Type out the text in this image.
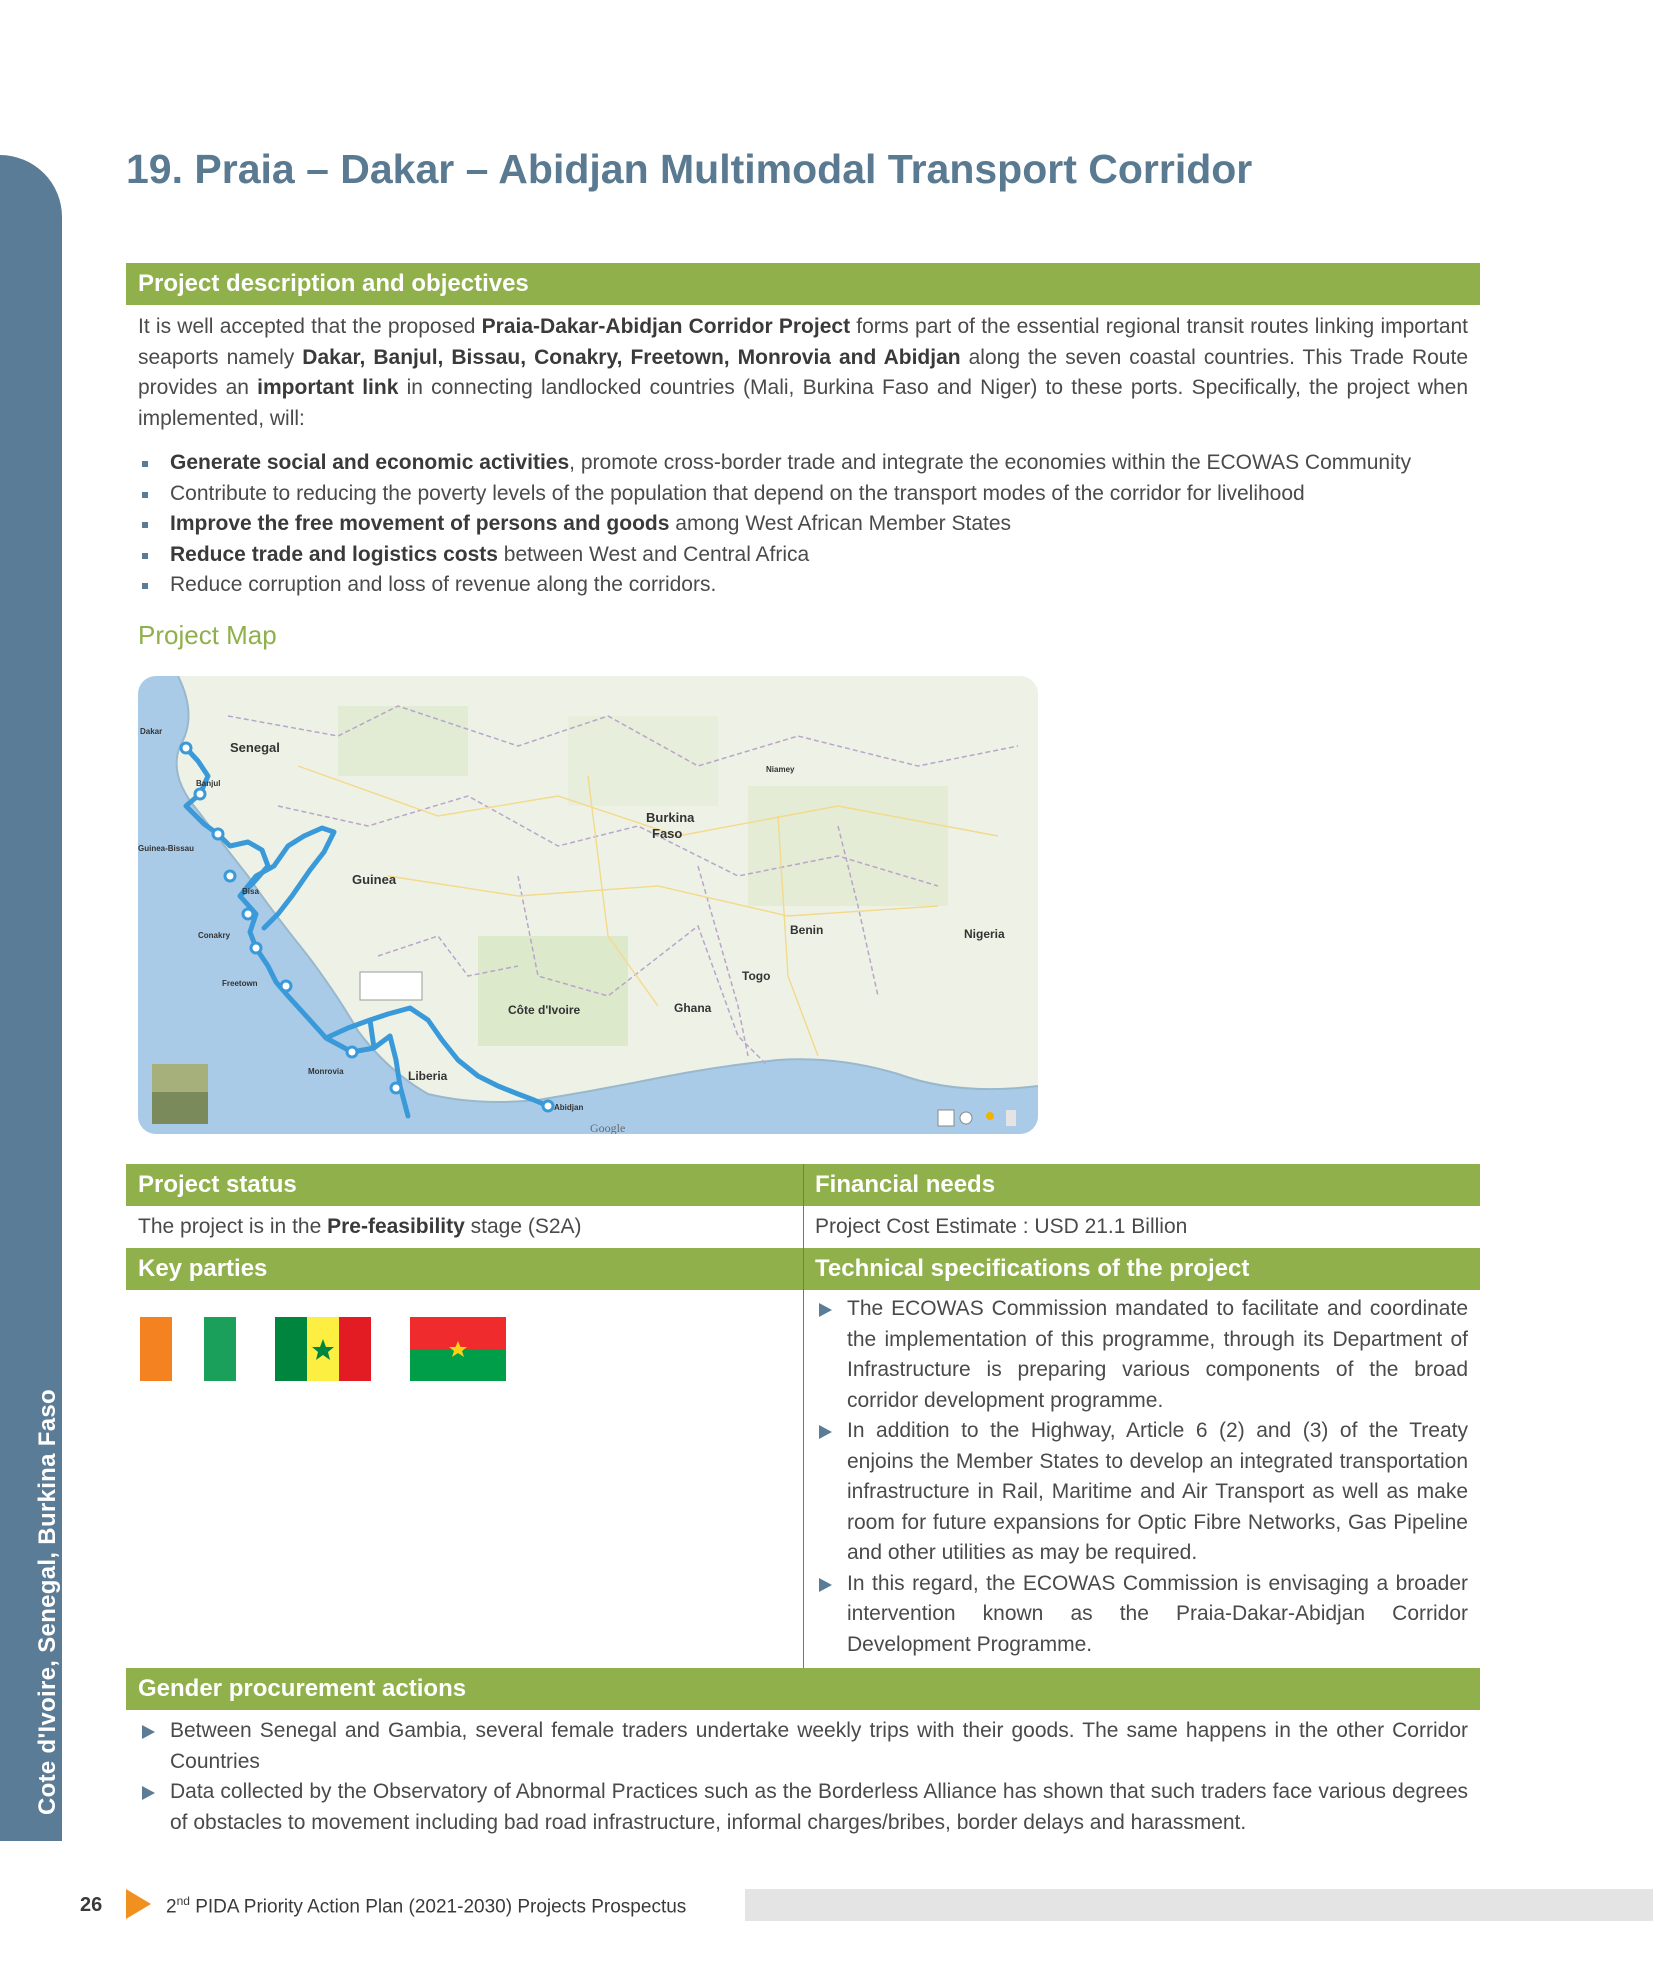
Cote d'Ivoire, Senegal, Burkina Faso
19. Praia – Dakar – Abidjan Multimodal Transport Corridor
Project description and objectives

It is well accepted that the proposed Praia-Dakar-Abidjan Corridor Project forms part of the essential regional transit routes linking important seaports namely Dakar, Banjul, Bissau, Conakry, Freetown, Monrovia and Abidjan along the seven coastal countries. This Trade Route provides an important link in connecting landlocked countries (Mali, Burkina Faso and Niger) to these ports. Specifically, the project when implemented, will:

Generate social and economic activities, promote cross-border trade and integrate the economies within the ECOWAS Community
Contribute to reducing the poverty levels of the population that depend on the transport modes of the corridor for livelihood
Improve the free movement of persons and goods among West African Member States
Reduce trade and logistics costs between West and Central Africa
Reduce corruption and loss of revenue along the corridors.
Project Map
Senegal
Burkina
Faso
Guinea
Benin	Nigeria
Togo
Ghana
Côte d'Ivoire
Liberia
Dakar
Banjul
Guinea-Bissau
Bisa
Conakry
Freetown
Monrovia
Abidjan
Niamey
Google
Project status	Financial needs
The project is in the Pre-feasibility stage (S2A)	Project Cost Estimate : USD 21.1 Billion
Key parties	Technical specifications of the project
The ECOWAS Commission mandated to facilitate and coordinate the implementation of this programme, through its Department of Infrastructure is preparing various components of the broad corridor development programme.
In addition to the Highway, Article 6 (2) and (3) of the Treaty enjoins the Member States to develop an integrated transportation infrastructure in Rail, Maritime and Air Transport as well as make room for future expansions for Optic Fibre Networks, Gas Pipeline and other utilities as may be required.
In this regard, the ECOWAS Commission is envisaging a broader intervention known as the Praia-Dakar-Abidjan Corridor Development Programme.
Gender procurement actions
Between Senegal and Gambia, several female traders undertake weekly trips with their goods. The same happens in the other Corridor Countries
Data collected by the Observatory of Abnormal Practices such as the Borderless Alliance has shown that such traders face various degrees of obstacles to movement including bad road infrastructure, informal charges/bribes, border delays and harassment.
26	2nd PIDA Priority Action Plan (2021-2030) Projects Prospectus
